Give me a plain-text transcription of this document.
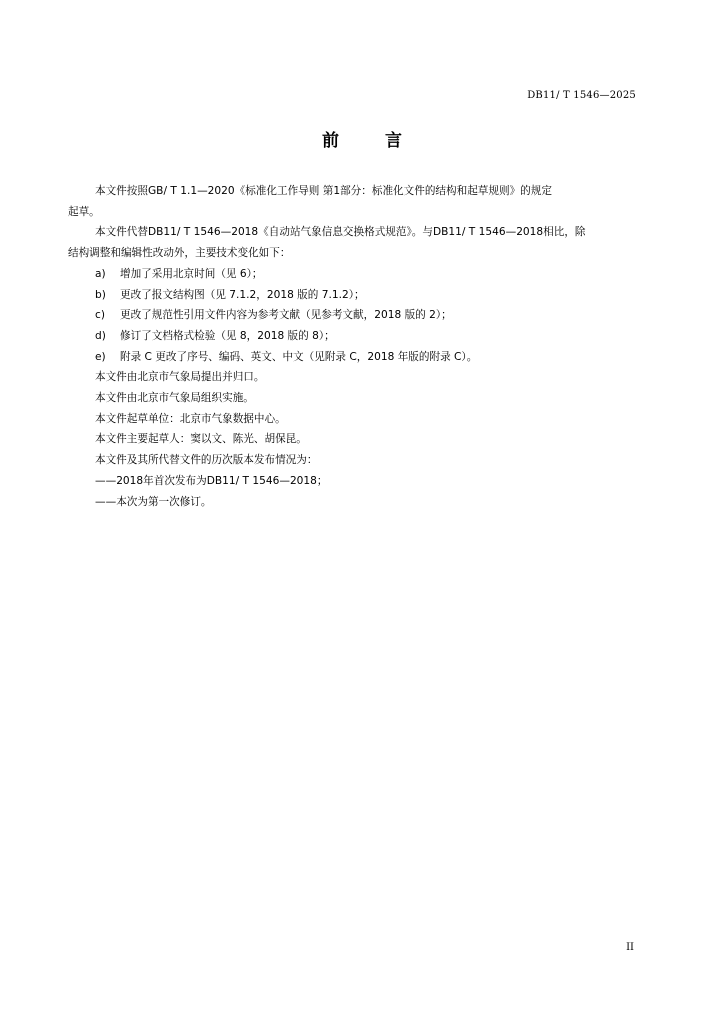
DB11/ T 1546—2025
前 言
本文件按照GB/ T 1.1—2020《标准化工作导则 第1部分：标准化文件的结构和起草规则》的规定
起草。
本文件代替DB11/ T 1546—2018《自动站气象信息交换格式规范》。与DB11/ T 1546—2018相比，除
结构调整和编辑性改动外，主要技术变化如下：
a)	增加了采用北京时间（见 6）；
b)	更改了报文结构图（见 7.1.2，2018 版的 7.1.2）；
c)	更改了规范性引用文件内容为参考文献（见参考文献，2018 版的 2）；
d)	修订了文档格式检验（见 8，2018 版的 8）；
e)	附录 C 更改了序号、编码、英文、中文（见附录 C，2018 年版的附录 C）。
本文件由北京市气象局提出并归口。
本文件由北京市气象局组织实施。
本文件起草单位：北京市气象数据中心。
本文件主要起草人：窦以文、陈光、胡保昆。
本文件及其所代替文件的历次版本发布情况为：
——2018年首次发布为DB11/ T 1546—2018；
——本次为第一次修订。
II
